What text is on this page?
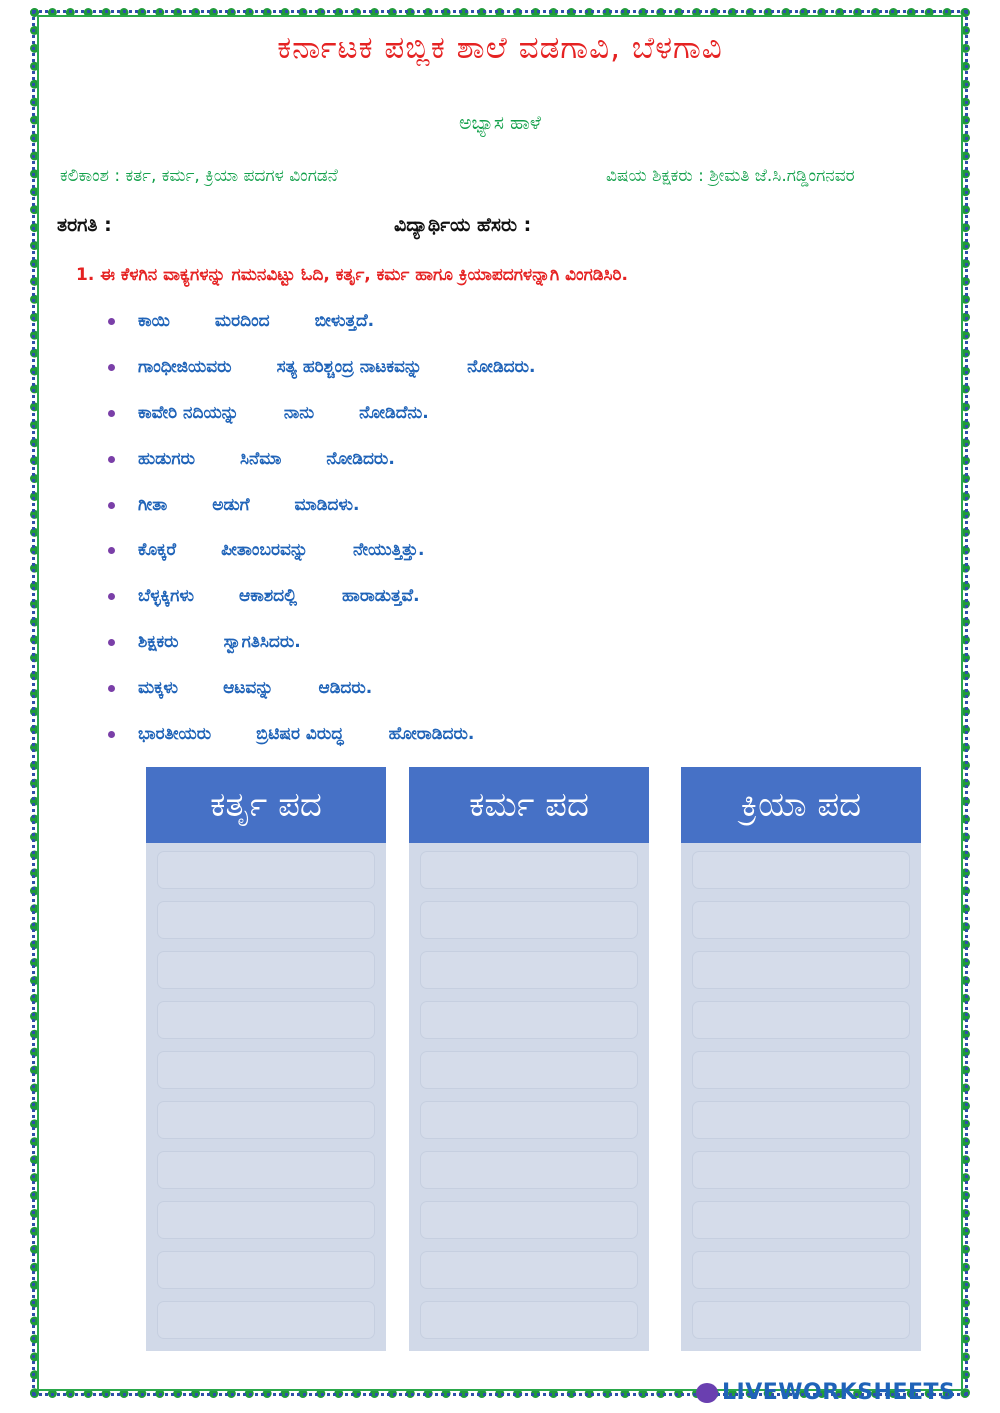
ಕರ್ನಾಟಕ ಪಬ್ಲಿಕ ಶಾಲೆ ವಡಗಾವಿ, ಬೆಳಗಾವಿ
ಅಭ್ಯಾಸ ಹಾಳೆ
ಕಲಿಕಾಂಶ : ಕರ್ತ, ಕರ್ಮ, ಕ್ರಿಯಾ ಪದಗಳ ವಿಂಗಡನೆ	ವಿಷಯ ಶಿಕ್ಷಕರು : ಶ್ರೀಮತಿ ಜೆ.ಸಿ.ಗಡ್ಡಿಂಗನವರ
ತರಗತಿ :	ವಿದ್ಯಾರ್ಥಿಯ ಹೆಸರು :
1. ಈ ಕೆಳಗಿನ ವಾಕ್ಯಗಳನ್ನು ಗಮನವಿಟ್ಟು ಓದಿ, ಕರ್ತೃ, ಕರ್ಮ ಹಾಗೂ ಕ್ರಿಯಾಪದಗಳನ್ನಾಗಿ ವಿಂಗಡಿಸಿರಿ.
ಕಾಯಿ	ಮರದಿಂದ	ಬೀಳುತ್ತದೆ.
ಗಾಂಧೀಜಿಯವರು	ಸತ್ಯ ಹರಿಶ್ಚಂದ್ರ ನಾಟಕವನ್ನು	ನೋಡಿದರು.
ಕಾವೇರಿ ನದಿಯನ್ನು	ನಾನು	ನೋಡಿದೆನು.
ಹುಡುಗರು	ಸಿನೆಮಾ	ನೋಡಿದರು.
ಗೀತಾ	ಅಡುಗೆ	ಮಾಡಿದಳು.
ಕೊಕ್ಕರೆ	ಪೀತಾಂಬರವನ್ನು	ನೇಯುತ್ತಿತ್ತು.
ಬೆಳ್ಳಕ್ಕಿಗಳು	ಆಕಾಶದಲ್ಲಿ	ಹಾರಾಡುತ್ತವೆ.
ಶಿಕ್ಷಕರು	ಸ್ವಾಗತಿಸಿದರು.
ಮಕ್ಕಳು	ಆಟವನ್ನು	ಆಡಿದರು.
ಭಾರತೀಯರು	ಬ್ರಿಟಿಷರ ವಿರುದ್ಧ	ಹೋರಾಡಿದರು.
ಕರ್ತೃ ಪದ	ಕರ್ಮ ಪದ	ಕ್ರಿಯಾ ಪದ
LIVEWORKSHEETS
